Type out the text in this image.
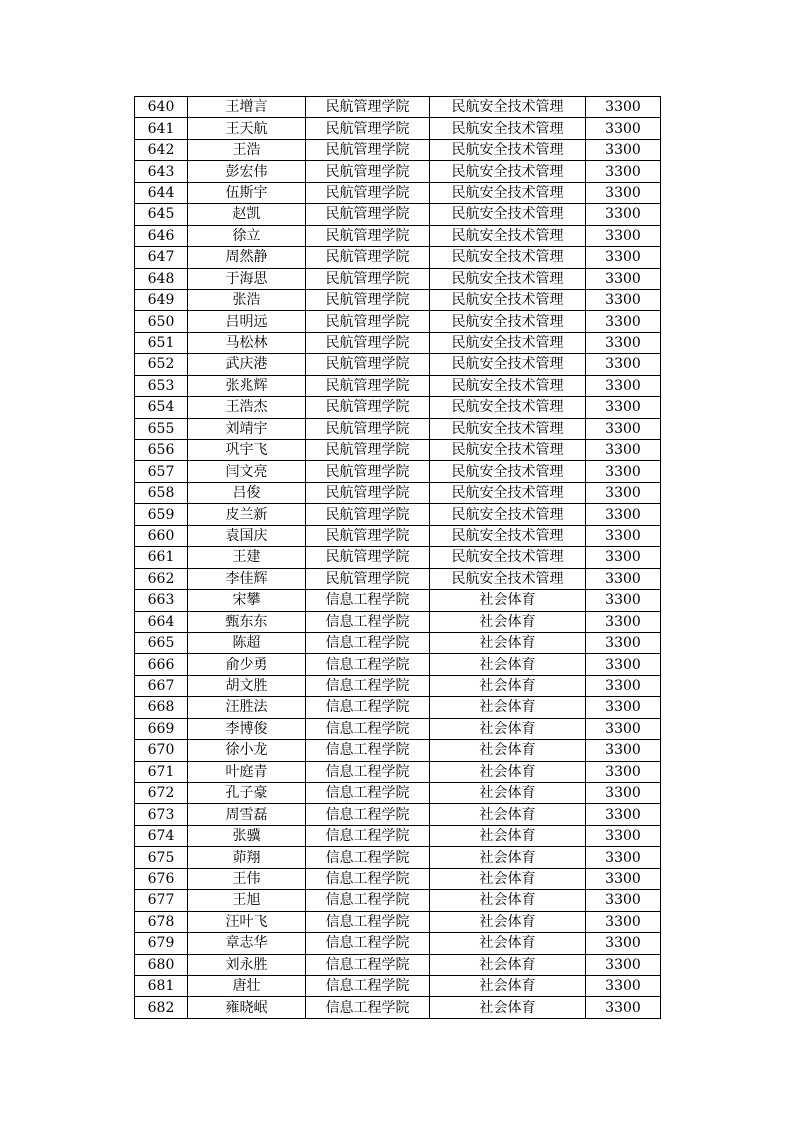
640	王增言	民航管理学院	民航安全技术管理	3300
641	王天航	民航管理学院	民航安全技术管理	3300
642	王浩	民航管理学院	民航安全技术管理	3300
643	彭宏伟	民航管理学院	民航安全技术管理	3300
644	伍斯宇	民航管理学院	民航安全技术管理	3300
645	赵凯	民航管理学院	民航安全技术管理	3300
646	徐立	民航管理学院	民航安全技术管理	3300
647	周然静	民航管理学院	民航安全技术管理	3300
648	于海思	民航管理学院	民航安全技术管理	3300
649	张浩	民航管理学院	民航安全技术管理	3300
650	吕明远	民航管理学院	民航安全技术管理	3300
651	马松林	民航管理学院	民航安全技术管理	3300
652	武庆港	民航管理学院	民航安全技术管理	3300
653	张兆辉	民航管理学院	民航安全技术管理	3300
654	王浩杰	民航管理学院	民航安全技术管理	3300
655	刘靖宇	民航管理学院	民航安全技术管理	3300
656	巩宇飞	民航管理学院	民航安全技术管理	3300
657	闫文亮	民航管理学院	民航安全技术管理	3300
658	吕俊	民航管理学院	民航安全技术管理	3300
659	皮兰新	民航管理学院	民航安全技术管理	3300
660	袁国庆	民航管理学院	民航安全技术管理	3300
661	王建	民航管理学院	民航安全技术管理	3300
662	李佳辉	民航管理学院	民航安全技术管理	3300
663	宋攀	信息工程学院	社会体育	3300
664	甄东东	信息工程学院	社会体育	3300
665	陈超	信息工程学院	社会体育	3300
666	俞少勇	信息工程学院	社会体育	3300
667	胡文胜	信息工程学院	社会体育	3300
668	汪胜法	信息工程学院	社会体育	3300
669	李博俊	信息工程学院	社会体育	3300
670	徐小龙	信息工程学院	社会体育	3300
671	叶庭青	信息工程学院	社会体育	3300
672	孔子豪	信息工程学院	社会体育	3300
673	周雪磊	信息工程学院	社会体育	3300
674	张骥	信息工程学院	社会体育	3300
675	茆翔	信息工程学院	社会体育	3300
676	王伟	信息工程学院	社会体育	3300
677	王旭	信息工程学院	社会体育	3300
678	汪叶飞	信息工程学院	社会体育	3300
679	章志华	信息工程学院	社会体育	3300
680	刘永胜	信息工程学院	社会体育	3300
681	唐壮	信息工程学院	社会体育	3300
682	雍晓岷	信息工程学院	社会体育	3300
